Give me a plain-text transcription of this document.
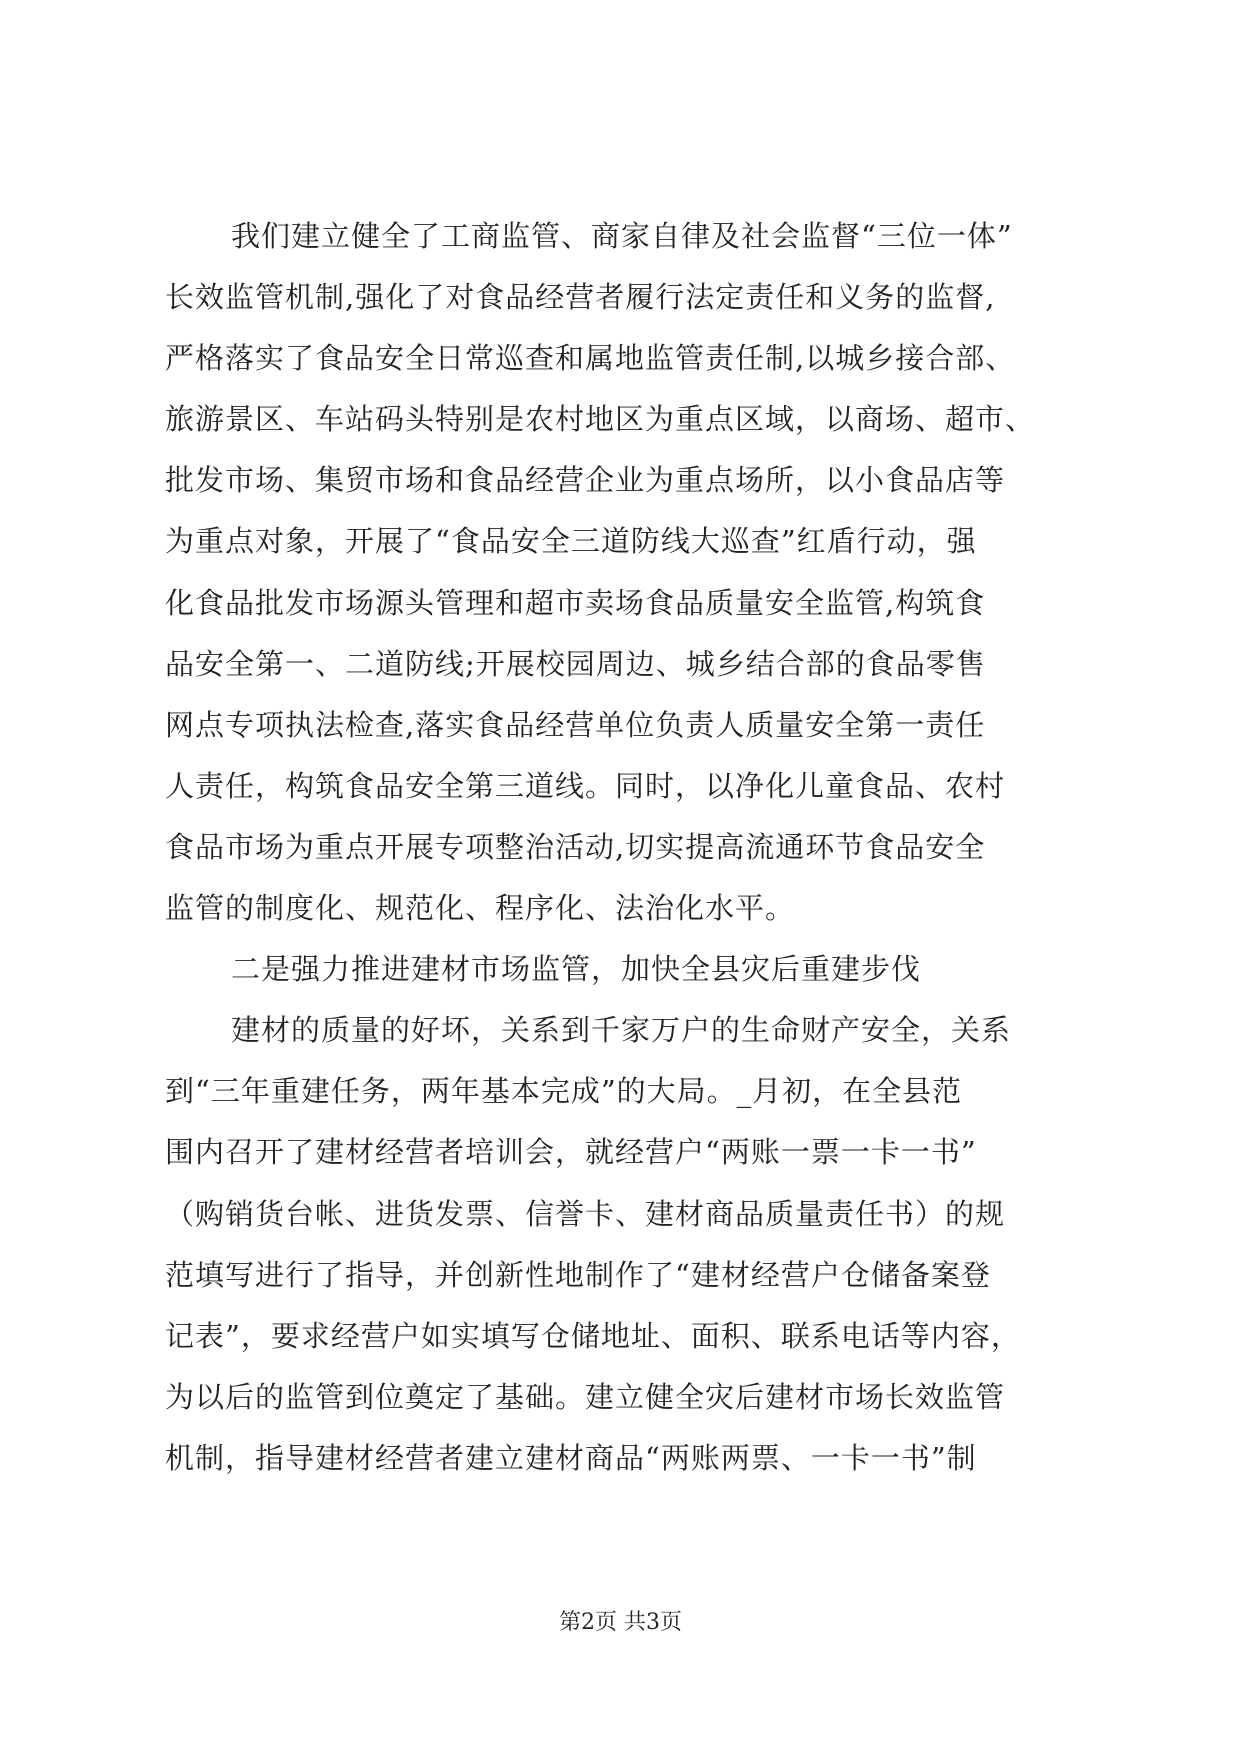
我们建立健全了工商监管、商家自律及社会监督“三位一体”
长效监管机制,强化了对食品经营者履行法定责任和义务的监督,
严格落实了食品安全日常巡查和属地监管责任制,以城乡接合部、
旅游景区、车站码头特别是农村地区为重点区域，以商场、超市、
批发市场、集贸市场和食品经营企业为重点场所，以小食品店等
为重点对象，开展了“食品安全三道防线大巡查”红盾行动，强
化食品批发市场源头管理和超市卖场食品质量安全监管,构筑食
品安全第一、二道防线;开展校园周边、城乡结合部的食品零售
网点专项执法检查,落实食品经营单位负责人质量安全第一责任
人责任，构筑食品安全第三道线。同时，以净化儿童食品、农村
食品市场为重点开展专项整治活动,切实提高流通环节食品安全
监管的制度化、规范化、程序化、法治化水平。
二是强力推进建材市场监管，加快全县灾后重建步伐
建材的质量的好坏，关系到千家万户的生命财产安全，关系
到“三年重建任务，两年基本完成”的大局。_月初，在全县范
围内召开了建材经营者培训会，就经营户“两账一票一卡一书”
（购销货台帐、进货发票、信誉卡、建材商品质量责任书）的规
范填写进行了指导，并创新性地制作了“建材经营户仓储备案登
记表”，要求经营户如实填写仓储地址、面积、联系电话等内容，
为以后的监管到位奠定了基础。建立健全灾后建材市场长效监管
机制，指导建材经营者建立建材商品“两账两票、一卡一书”制
第2页 共3页
